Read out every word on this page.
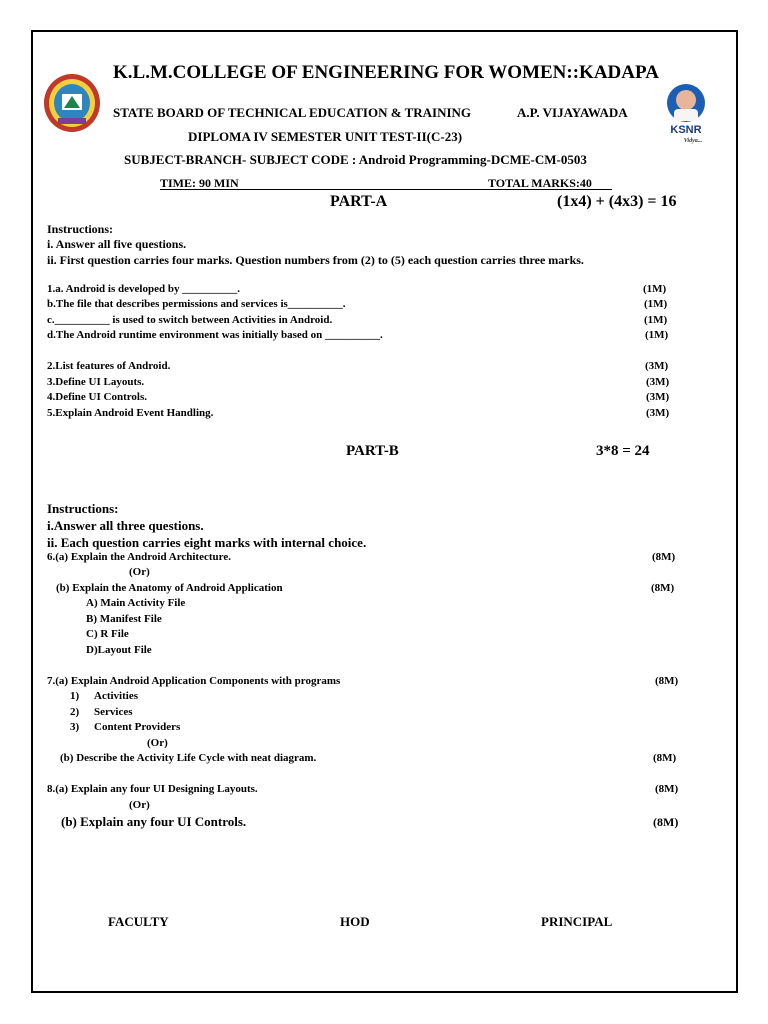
KSNR
Vidya...
K.L.M.COLLEGE OF ENGINEERING FOR WOMEN::KADAPA
STATE BOARD OF TECHNICAL EDUCATION & TRAINING	A.P. VIJAYAWADA
DIPLOMA IV SEMESTER UNIT TEST-II(C-23)
SUBJECT-BRANCH- SUBJECT CODE : Android Programming-DCME-CM-0503
TIME: 90 MIN	TOTAL MARKS:40
PART-A	(1x4) + (4x3) = 16
Instructions:
i. Answer all five questions.
ii. First question carries four marks. Question numbers from (2) to (5) each question carries three marks.
1.a. Android is developed by __________.	(1M)
b.The file that describes permissions and services is__________.	(1M)
c.__________ is used to switch between Activities in Android.	(1M)
d.The Android runtime environment was initially based on __________.	(1M)
2.List features of Android.	(3M)
3.Define UI Layouts.	(3M)
4.Define UI Controls.	(3M)
5.Explain Android Event Handling.	(3M)
PART-B	3*8 = 24
Instructions:
i.Answer all three questions.
ii. Each question carries eight marks with internal choice.
6.(a) Explain the Android Architecture.	(8M)
(Or)
(b) Explain the Anatomy of Android Application	(8M)
A) Main Activity File
B) Manifest File
C) R File
D)Layout File
7.(a) Explain Android Application Components with programs	(8M)
1) Activities
2) Services
3) Content Providers
(Or)
(b) Describe the Activity Life Cycle with neat diagram.	(8M)
8.(a) Explain any four UI Designing Layouts.	(8M)
(Or)
(b) Explain any four UI Controls.	(8M)
FACULTY	HOD	PRINCIPAL
